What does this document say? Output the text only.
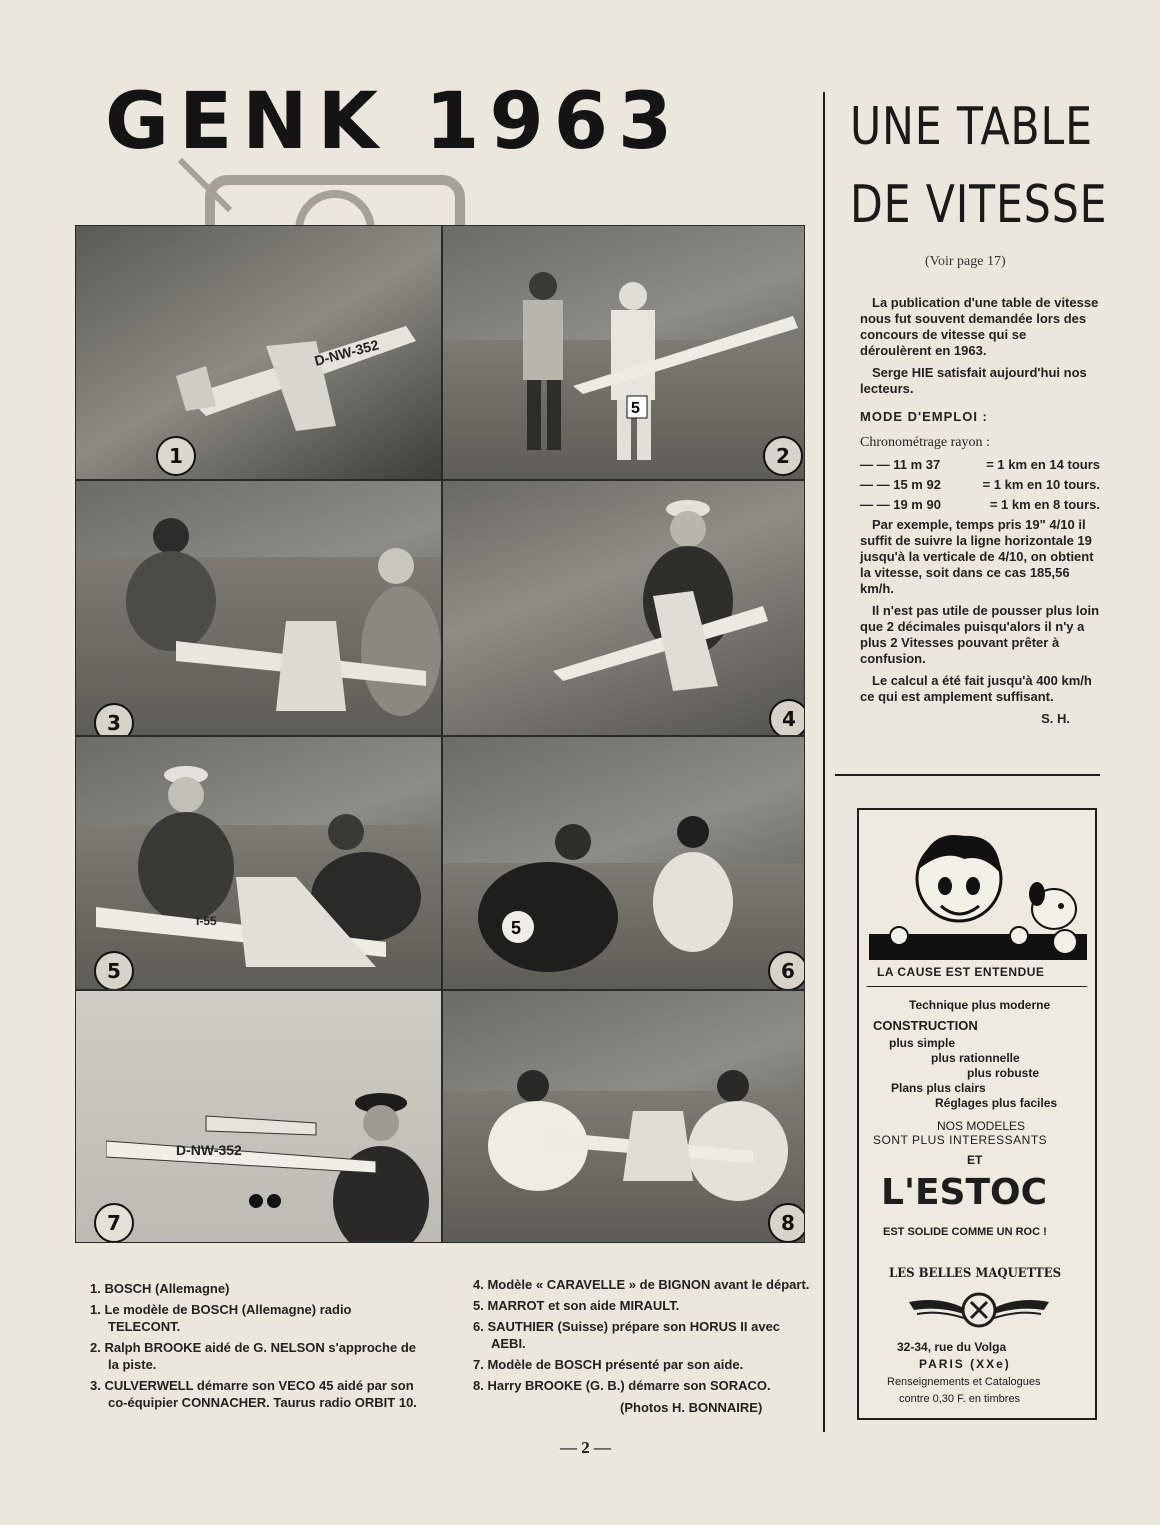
GENK 1963
D-NW-352
1
5
2
3	4
I-55
5
5
6
D-NW-352
7	8
1. BOSCH (Allemagne)
1. Le modèle de BOSCH (Allemagne) radio TELECONT.
2. Ralph BROOKE aidé de G. NELSON s'approche de la piste.
3. CULVERWELL démarre son VECO 45 aidé par son co-équipier CONNACHER. Taurus radio ORBIT 10.
4. Modèle « CARAVELLE » de BIGNON avant le départ.
5. MARROT et son aide MIRAULT.
6. SAUTHIER (Suisse) prépare son HORUS II avec AEBI.
7. Modèle de BOSCH présenté par son aide.
8. Harry BROOKE (G. B.) démarre son SORACO.
(Photos H. BONNAIRE)
— 2 —
UNE TABLE
DE VITESSE
(Voir page 17)

La publication d'une table de vitesse nous fut souvent demandée lors des concours de vitesse qui se déroulèrent en 1963.

Serge HIE satisfait aujourd'hui nos lecteurs.

MODE D'EMPLOI :

Chronométrage rayon :
— — 11 m 37	= 1 km en 14 tours
— — 15 m 92	= 1 km en 10 tours.
— — 19 m 90	= 1 km en 8 tours.

Par exemple, temps pris 19" 4/10 il suffit de suivre la ligne horizontale 19 jusqu'à la verticale de 4/10, on obtient la vitesse, soit dans ce cas 185,56 km/h.

Il n'est pas utile de pousser plus loin que 2 décimales puisqu'alors il n'y a plus 2 Vitesses pouvant prêter à confusion.

Le calcul a été fait jusqu'à 400 km/h ce qui est amplement suffisant.

S. H.
LA CAUSE EST ENTENDUE
Technique plus moderne
CONSTRUCTION
plus simple
plus rationnelle
plus robuste
Plans plus clairs
Réglages plus faciles
NOS MODELES
SONT PLUS INTERESSANTS
ET
L'ESTOC
EST SOLIDE COMME UN ROC !
LES BELLES MAQUETTES
32-34, rue du Volga
PARIS (XXe)
Renseignements et Catalogues
contre 0,30 F. en timbres
